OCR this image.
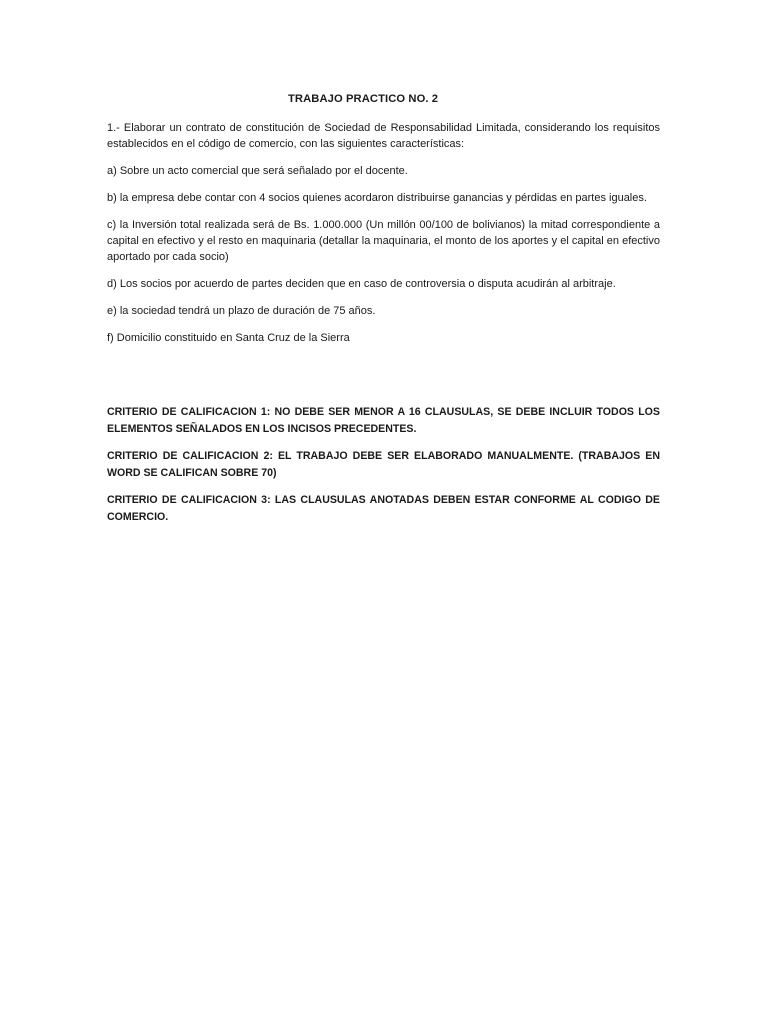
TRABAJO PRACTICO NO. 2

1.- Elaborar un contrato de constitución de Sociedad de Responsabilidad Limitada, considerando los requisitos establecidos en el código de comercio, con las siguientes características:

a) Sobre un acto comercial que será señalado por el docente.

b) la empresa debe contar con 4 socios quienes acordaron distribuirse ganancias y pérdidas en partes iguales.

c) la Inversión total realizada será de Bs. 1.000.000 (Un millón 00/100 de bolivianos) la mitad correspondiente a capital en efectivo y el resto en maquinaria (detallar la maquinaria, el monto de los aportes y el capital en efectivo aportado por cada socio)

d) Los socios por acuerdo de partes deciden que en caso de controversia o disputa acudirán al arbitraje.

e) la sociedad tendrá un plazo de duración de 75 años.

f) Domicilio constituido en Santa Cruz de la Sierra

CRITERIO DE CALIFICACION 1: NO DEBE SER MENOR A 16 CLAUSULAS, SE DEBE INCLUIR TODOS LOS ELEMENTOS SEÑALADOS EN LOS INCISOS PRECEDENTES.

CRITERIO DE CALIFICACION 2: EL TRABAJO DEBE SER ELABORADO MANUALMENTE. (TRABAJOS EN WORD SE CALIFICAN SOBRE 70)

CRITERIO DE CALIFICACION 3: LAS CLAUSULAS ANOTADAS DEBEN ESTAR CONFORME AL CODIGO DE COMERCIO.
